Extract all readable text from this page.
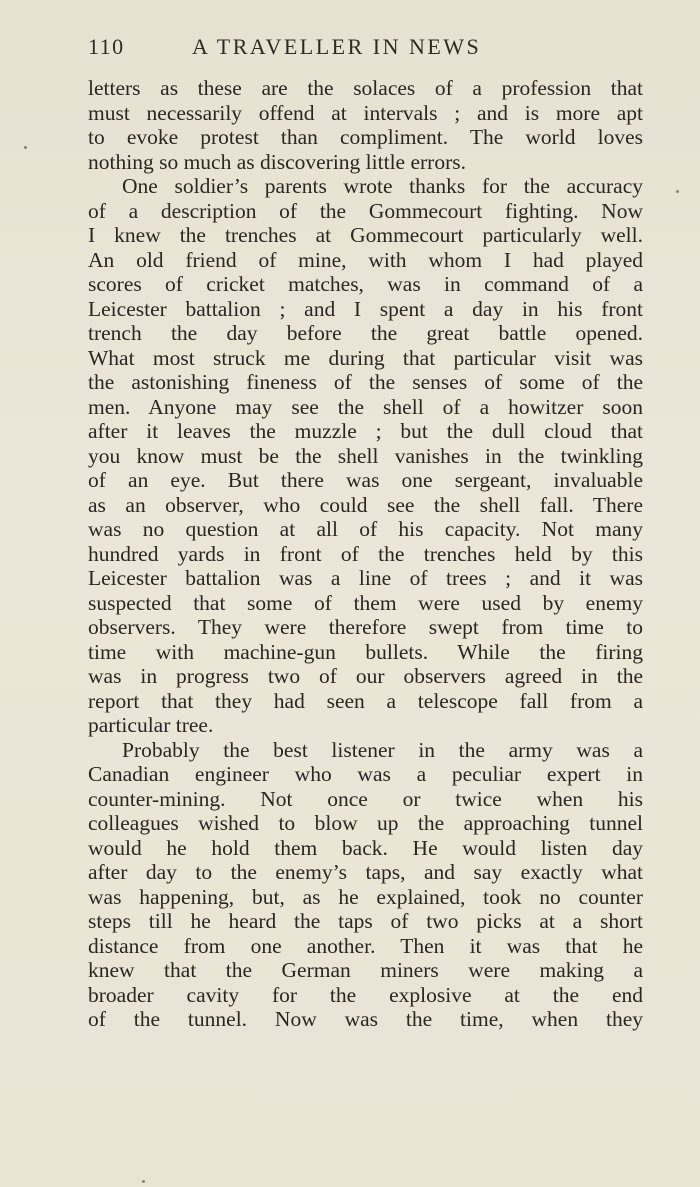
110	A TRAVELLER IN NEWS
letters as these are the solaces of a profession that
must necessarily offend at intervals ; and is more apt
to evoke protest than compliment. The world loves
nothing so much as discovering little errors.
One soldier’s parents wrote thanks for the accuracy
of a description of the Gommecourt fighting. Now
I knew the trenches at Gommecourt particularly well.
An old friend of mine, with whom I had played
scores of cricket matches, was in command of a
Leicester battalion ; and I spent a day in his front
trench the day before the great battle opened.
What most struck me during that particular visit was
the astonishing fineness of the senses of some of the
men. Anyone may see the shell of a howitzer soon
after it leaves the muzzle ; but the dull cloud that
you know must be the shell vanishes in the twinkling
of an eye. But there was one sergeant, invaluable
as an observer, who could see the shell fall. There
was no question at all of his capacity. Not many
hundred yards in front of the trenches held by this
Leicester battalion was a line of trees ; and it was
suspected that some of them were used by enemy
observers. They were therefore swept from time to
time with machine-gun bullets. While the firing
was in progress two of our observers agreed in the
report that they had seen a telescope fall from a
particular tree.
Probably the best listener in the army was a
Canadian engineer who was a peculiar expert in
counter-mining. Not once or twice when his
colleagues wished to blow up the approaching tunnel
would he hold them back. He would listen day
after day to the enemy’s taps, and say exactly what
was happening, but, as he explained, took no counter
steps till he heard the taps of two picks at a short
distance from one another. Then it was that he
knew that the German miners were making a
broader cavity for the explosive at the end
of the tunnel. Now was the time, when they
